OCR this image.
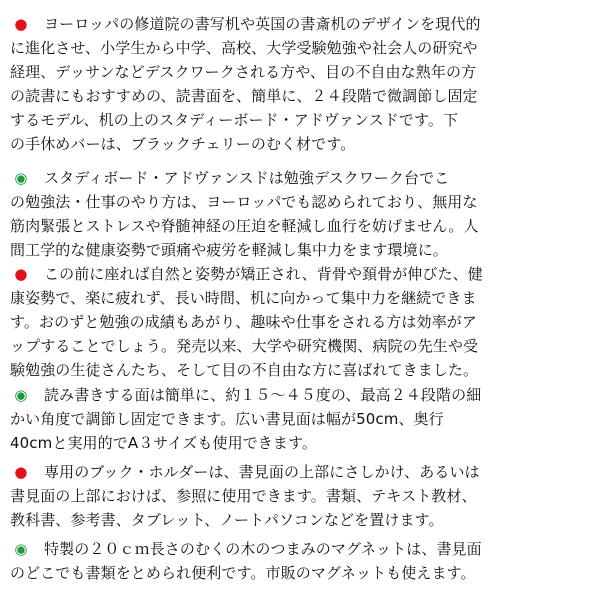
● ヨーロッパの修道院の書写机や英国の書斎机のデザインを現代的
に進化させ、小学生から中学、高校、大学受験勉強や社会人の研究や
経理、デッサンなどデスクワークされる方や、目の不自由な熟年の方
の読書にもおすすめの、読書面を、簡単に、２４段階で微調節し固定
するモデル、机の上のスタディーボード・アドヴァンスドです。下
の手休めバーは、ブラックチェリーのむく材です。
◉ スタディボード・アドヴァンスドは勉強デスクワーク台でこ
の勉強法・仕事のやり方は、ヨーロッパでも認められており、無用な
筋肉緊張とストレスや脊髄神経の圧迫を軽減し血行を妨げません。人
間工学的な健康姿勢で頭痛や疲労を軽減し集中力をます環境に。
● この前に座れば自然と姿勢が矯正され、背骨や頚骨が伸びた、健
康姿勢で、楽に疲れず、長い時間、机に向かって集中力を継続できま
す。おのずと勉強の成績もあがり、趣味や仕事をされる方は効率がア
ップすることでしょう。発売以来、大学や研究機関、病院の先生や受
験勉強の生徒さんたち、そして目の不自由な方に喜ばれてきました。
◉ 読み書きする面は簡単に、約１５～４５度の、最高２４段階の細
かい角度で調節し固定できます。広い書見面は幅が50cm、奥行
40cmと実用的でA３サイズも使用できます。
● 専用のブック・ホルダーは、書見面の上部にさしかけ、あるいは
書見面の上部におけば、参照に使用できます。書類、テキスト教材、
教科書、参考書、タブレット、ノートパソコンなどを置けます。
◉ 特製の２０ｃｍ長さのむくの木のつまみのマグネットは、書見面
のどこでも書類をとめられ便利です。市販のマグネットも使えます。
